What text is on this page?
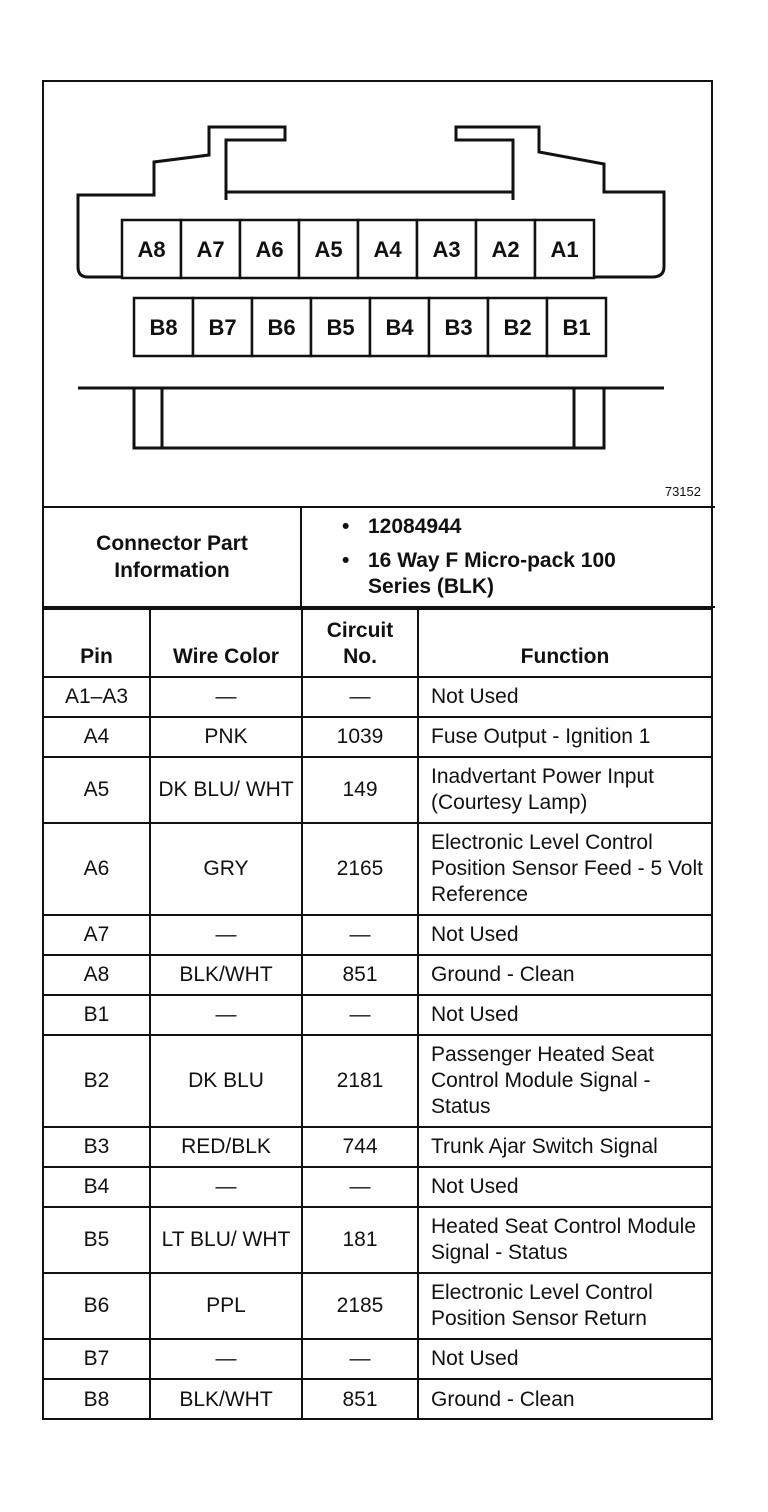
A8 A7 A6 A5 A4 A3 A2 A1
B8 B7 B6 B5 B4 B3 B2 B1
73152
Connector Part Information
• 12084944
• 16 Way F Micro-pack 100 Series (BLK)
Pin	Wire Color	Circuit No.	Function
A1–A3	—	—	Not Used
A4	PNK	1039	Fuse Output - Ignition 1
A5	DK BLU/ WHT	149	Inadvertant Power Input (Courtesy Lamp)
A6	GRY	2165	Electronic Level Control Position Sensor Feed - 5 Volt Reference
A7	—	—	Not Used
A8	BLK/WHT	851	Ground - Clean
B1	—	—	Not Used
B2	DK BLU	2181	Passenger Heated Seat Control Module Signal - Status
B3	RED/BLK	744	Trunk Ajar Switch Signal
B4	—	—	Not Used
B5	LT BLU/ WHT	181	Heated Seat Control Module Signal - Status
B6	PPL	2185	Electronic Level Control Position Sensor Return
B7	—	—	Not Used
B8	BLK/WHT	851	Ground - Clean
